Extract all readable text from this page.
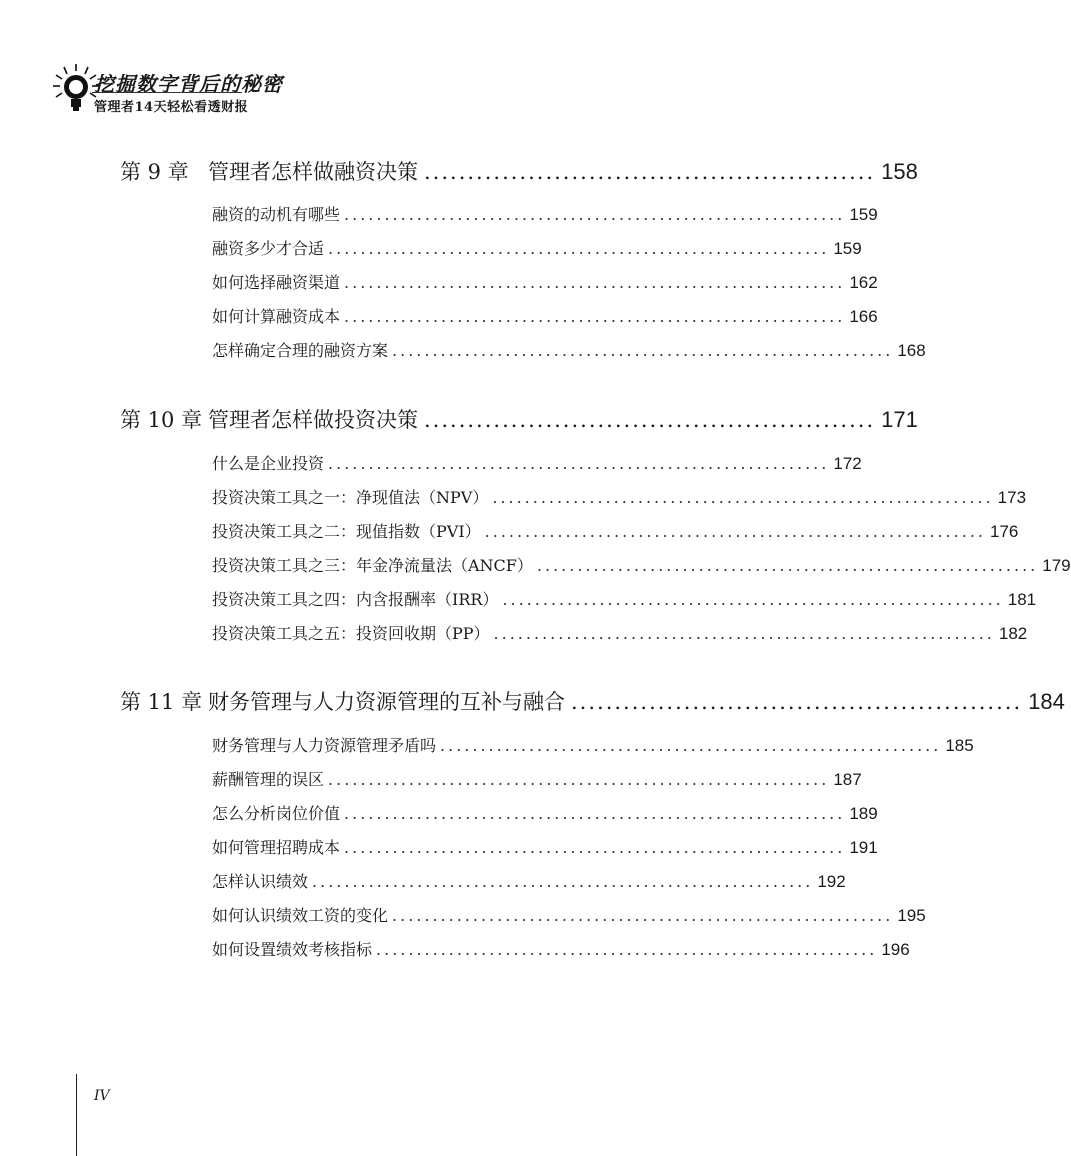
挖掘数字背后的秘密
管理者14天轻松看透财报
第 9 章 管理者怎样做融资决策 .................................................... 158
融资的动机有哪些 .............................................................. 159
融资多少才合适 .............................................................. 159
如何选择融资渠道 .............................................................. 162
如何计算融资成本 .............................................................. 166
怎样确定合理的融资方案 .............................................................. 168
第 10 章 管理者怎样做投资决策 .................................................... 171
什么是企业投资 .............................................................. 172
投资决策工具之一：净现值法（NPV） .............................................................. 173
投资决策工具之二：现值指数（PVI） .............................................................. 176
投资决策工具之三：年金净流量法（ANCF） .............................................................. 179
投资决策工具之四：内含报酬率（IRR） .............................................................. 181
投资决策工具之五：投资回收期（PP） .............................................................. 182
第 11 章 财务管理与人力资源管理的互补与融合 .................................................... 184
财务管理与人力资源管理矛盾吗 .............................................................. 185
薪酬管理的误区 .............................................................. 187
怎么分析岗位价值 .............................................................. 189
如何管理招聘成本 .............................................................. 191
怎样认识绩效 .............................................................. 192
如何认识绩效工资的变化 .............................................................. 195
如何设置绩效考核指标 .............................................................. 196
IV
